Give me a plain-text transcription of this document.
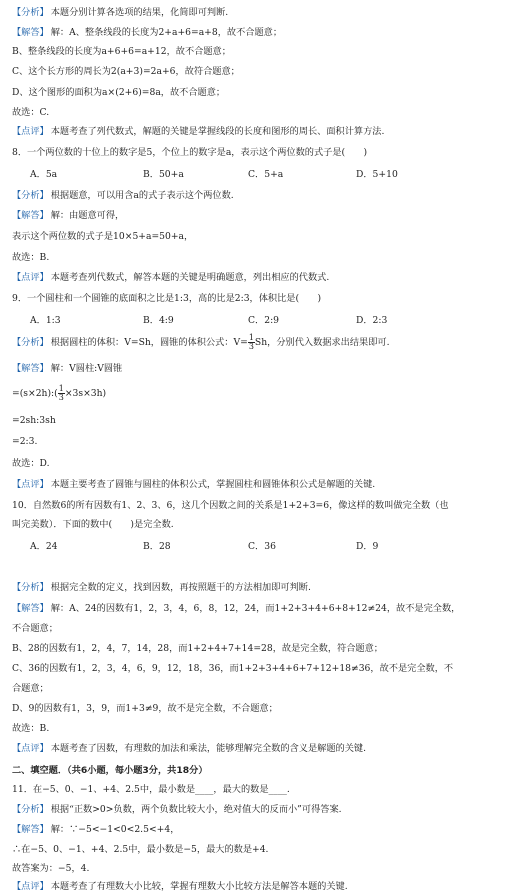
【分析】 本题分别计算各选项的结果，化简即可判断.
【解答】 解：A、整条线段的长度为2+a+6=a+8，故不合题意；
B、整条线段的长度为a+6+6=a+12，故不合题意；
C、这个长方形的周长为2(a+3)=2a+6，故符合题意；
D、这个图形的面积为a×(2+6)=8a，故不合题意；
故选：C.
【点评】 本题考查了列代数式，解题的关键是掌握线段的长度和图形的周长、面积计算方法.
8．一个两位数的十位上的数字是5，个位上的数字是a，表示这个两位数的式子是(　　)
A．5a	B．50+a	C．5+a	D．5+10
【分析】 根据题意，可以用含a的式子表示这个两位数.
【解答】 解：由题意可得，
表示这个两位数的式子是10×5+a=50+a，
故选：B.
【点评】 本题考查列代数式，解答本题的关键是明确题意，列出相应的代数式.
9．一个圆柱和一个圆锥的底面积之比是1:3，高的比是2:3，体积比是(　　)
A．1:3	B．4:9	C．2:9	D．2:3
【分析】 根据圆柱的体积：V=Sh，圆锥的体积公式：$V= \frac{1}{3}$ Sh，分别代入数据求出结果即可.
【解答】 解：V圆柱:V圆锥
=(s×2h):( $\frac{1}{3} \times 3s\times 3h$)
=2sh:3sh
=2:3.
故选：D.
【点评】 本题主要考查了圆锥与圆柱的体积公式，掌握圆柱和圆锥体积公式是解题的关键.
10．自然数6的所有因数有1、2、3、6，这几个因数之间的关系是1+2+3=6，像这样的数叫做完全数（也
叫完美数）．下面的数中(　　)是完全数.
A．24	B．28	C．36	D．9
【分析】 根据完全数的定义，找到因数，再按照题干的方法相加即可判断.
【解答】 解：A、24的因数有1，2，3，4，6，8，12，24，而1+2+3+4+6+8+12≠24，故不是完全数，
不合题意；
B、28的因数有1，2，4，7，14，28，而1+2+4+7+14=28，故是完全数，符合题意；
C、36的因数有1，2，3，4，6，9，12，18，36，而1+2+3+4+6+7+12+18≠36，故不是完全数，不
合题意；
D、9的因数有1，3，9，而1+3≠9，故不是完全数，不合题意；
故选：B.
【点评】 本题考查了因数，有理数的加法和乘法，能够理解完全数的含义是解题的关键.
二、填空题．（共6小题，每小题3分，共18分）
11．在−5、0、−1、+4、2.5中，最小数是____，最大的数是____.
【分析】 根据“正数>0>负数，两个负数比较大小，绝对值大的反而小”可得答案.
【解答】 解：∵−5<−1<0<2.5<+4，
∴在−5、0、−1、+4、2.5中，最小数是−5，最大的数是+4.
故答案为：−5，4.
【点评】 本题考查了有理数大小比较，掌握有理数大小比较方法是解答本题的关键.
